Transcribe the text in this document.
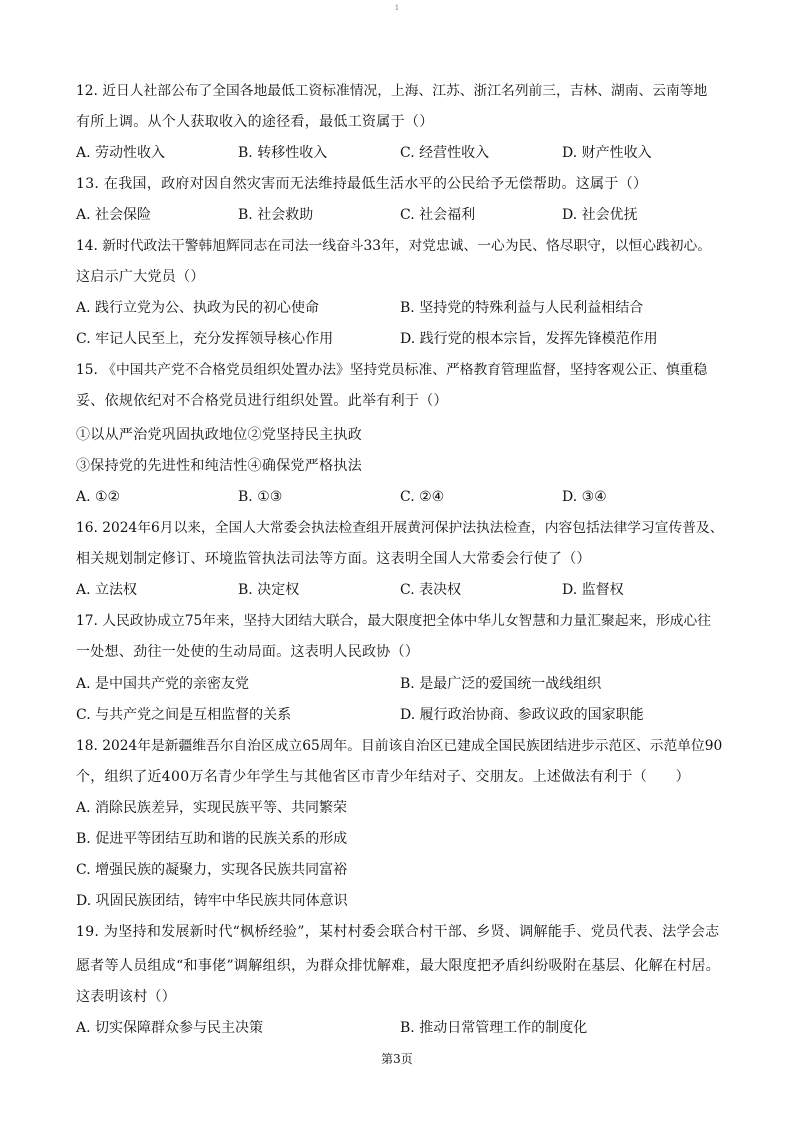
1
12. 近日人社部公布了全国各地最低工资标准情况，上海、江苏、浙江名列前三，吉林、湖南、云南等地
有所上调。从个人获取收入的途径看，最低工资属于（）
A. 劳动性收入	B. 转移性收入	C. 经营性收入	D. 财产性收入
13. 在我国，政府对因自然灾害而无法维持最低生活水平的公民给予无偿帮助。这属于（）
A. 社会保险	B. 社会救助	C. 社会福利	D. 社会优抚
14. 新时代政法干警韩旭辉同志在司法一线奋斗33年，对党忠诚、一心为民、恪尽职守，以恒心践初心。
这启示广大党员（）
A. 践行立党为公、执政为民的初心使命	B. 坚持党的特殊利益与人民利益相结合
C. 牢记人民至上，充分发挥领导核心作用	D. 践行党的根本宗旨，发挥先锋模范作用
15. 《中国共产党不合格党员组织处置办法》坚持党员标准、严格教育管理监督，坚持客观公正、慎重稳
妥、依规依纪对不合格党员进行组织处置。此举有利于（）
①以从严治党巩固执政地位②党坚持民主执政
③保持党的先进性和纯洁性④确保党严格执法
A. ①②	B. ①③	C. ②④	D. ③④
16. 2024年6月以来，全国人大常委会执法检查组开展黄河保护法执法检查，内容包括法律学习宣传普及、
相关规划制定修订、环境监管执法司法等方面。这表明全国人大常委会行使了（）
A. 立法权	B. 决定权	C. 表决权	D. 监督权
17. 人民政协成立75年来，坚持大团结大联合，最大限度把全体中华儿女智慧和力量汇聚起来，形成心往
一处想、劲往一处使的生动局面。这表明人民政协（）
A. 是中国共产党的亲密友党	B. 是最广泛的爱国统一战线组织
C. 与共产党之间是互相监督的关系	D. 履行政治协商、参政议政的国家职能
18. 2024年是新疆维吾尔自治区成立65周年。目前该自治区已建成全国民族团结进步示范区、示范单位90
个，组织了近400万名青少年学生与其他省区市青少年结对子、交朋友。上述做法有利于（　　）
A. 消除民族差异，实现民族平等、共同繁荣
B. 促进平等团结互助和谐的民族关系的形成
C. 增强民族的凝聚力，实现各民族共同富裕
D. 巩固民族团结，铸牢中华民族共同体意识
19. 为坚持和发展新时代“枫桥经验”，某村村委会联合村干部、乡贤、调解能手、党员代表、法学会志
愿者等人员组成“和事佬”调解组织，为群众排忧解难，最大限度把矛盾纠纷吸附在基层、化解在村居。
这表明该村（）
A. 切实保障群众参与民主决策	B. 推动日常管理工作的制度化
第3页
